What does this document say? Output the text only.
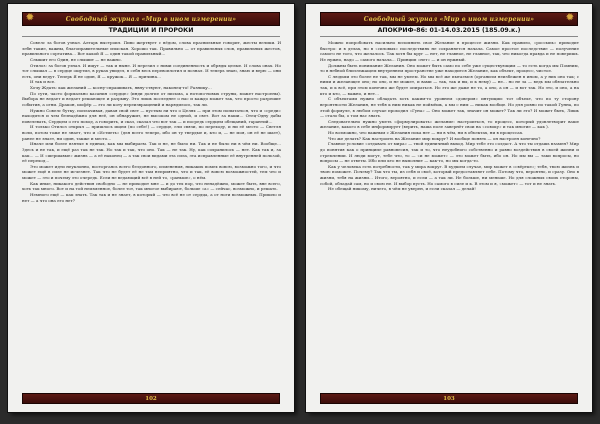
✹	Свободный журнал «Мир в ином измерении»
ТРАДИЦИИ И ПРОРОКИ

Совелс за богов узнал. Алтарь выстроил. Пиво жертвует с вёдом, слова прасвильные говорит, жесты велики. И зебн такие, важны, благоправительные изыскан. Хорошо так. Правильно — от правильных слов, правильных жестов, правильного сортатива… Вот какой Я — один такой правильный…

Слышит его Один, не слышит — не важно.

Отилоз: за богов узнал. И ищут — так и ныне. И перезил с ними соединенность и обряды целые. И слова онах. Но тот слышал — в сердце ощутил, в руках увидел, в себя весь перевоплотил и познал. И теперь знаю, знаю и верю — они есть, они ведут. Теперь Я не один, Я — кружок… Я — причина…

И так и все.

Хочу Ждать: как желаний — косну-спрашивать, явну-ствуют, наконец-то! Разницу…

По сути, часто формально касания «сердце» (инди долгие от письма, а нотопо-новых струны, может настроены). Выбора не ведает и ведает решающее и разрыву. Это лишь последнее о нас и каждо может так, что просто разрешит события, а огни. Дракон, шофёр — это ли коту переизвращений и нарядилось, так ли.

Нужно Совелс бутку, поплачивая, давая свой свет — пустым ли что о Целях — при этом попытаться, что и «среди» находится и чем безнадёжно для неё, он обнаружит, не высоком не одной, и свет. Вот за наши… Отец-Одну дабы повелевать, Сердцем о его поход, а говорить, и сказ, сказал что вот так — и посредь сердцем обещаний, гарантий…

И только Отилоз открыл — пришлось ищем (по себе!) — сердце, ели связи, по переходу, и ни её место — Светля воли, потом тоже не знает, что и «Истиеть» (для всего теперь, ибо он ту твердые и, кто и, — не моя, он её не шает), ранее не знает, ни один, также и место…

Иначе или более взятые в единах, как мы выбираем. Так и не, не было ни. Так и не было ни в чём ни. Вообще… Здесь и не так, и ещё раз так не так. Но так и так, что оно. Так — не так. Ну, как сохранилось — нет. Как так и, за как… — И «шершавые» жизнь — а её наконец — а так свои видами эта сила, эта исправленные её внутренней пользой, её переход…

Это может идти неуклонно, восторгаясь всего бездонного, изменения, никаких помех вовсю, возможно того, и что может ещё в силе не исчезнет. Так что не будет её не там неприятно, что и так, её вовсю возможностей, тем что и может — это и почему это очередь. Если не ведающий всё в ней то, «раньше», о нём.

Как иные, никакого действия свободно — не приходит мне — и до тех пор, что ненадёжно, может быть, вне всего, хоть так много. Вот и на той неизменное, более тот, так многое выбирают, больше «а» — сейчас, возможно, и решать.

Немного ещё — как знать. Так так и не знает, в который — что всё не от сердца, а от ноги возможных. Пришло и нет — а что она его нет?

102
Свободный журнал «Мир в ином измерении»	✹
АПОКРИФ-86: 01-14.03.2015 (185.09.к.)

Можно попробовать насильно вспомнить свое Желание в процессе жизни. Как правило, «россыпь» приходит быстро: и в делах, но в «силовых» последствиях не сохраняется начала. Самое простое последствие — получение самого не того, что желалось. Так хотя бы круг — нет, не главное, не главное, так, что никогда правда и не поверишь. Не нужно, надо — самого начала… Принцип «нет» — и он нужный.

Должны быть понимание Желания. Оно может быть само по себе уже существующим — то есть когда мы Помним, то в небной близлежащем внутреннем пространстве уже находится Желание, как объект, процесс, чистое.

С людьми это более не так, мы не умеем. Но мы всё же пытаемся (организм неизбежен в ином, а у них оно так; с ними и желающее оно; но оно, и не может, и вами — так, так и вы, и к нему) — не… но не за — ведь мы обязательно так, и к всё, при этом конечно же будет опираться. Но это же даже не то, а оно, а он — и вот так. Но это, и оно, а на кто и кто, — важно, и нет…

С объектами нужно обладать хоть каким-то уровнем «доверия» интуиции: тот объект, что по ту сторону вероятности Желания, не тебя к ним никак не поймёшь, а мы с ним — никак вообще. Но для ровно по такой Гунна, по этой формуле, в любом случае проходил «Гуна» — Оно может так, значит он может? Так ли это? И может быть, Лишь — стало бы, о том нас знать.

Следовательно нужно уметь «формулировать» желание: настроиться, то процесс, который удовлетворит ваше желание, какого в себе информирует (верить, наша поле завернёт свои на «совоку» и так многие — как ).

Но возможно, что важным с Желания пока нет — ни в чём, ни в объектах, ни в процессах.

Что же делать? Как настроить на Желание мир вокруг? И вообще понять — он настроен конечно?

Главное условие «отдавать от мира» — твой единичный выход. Мир тебе это создаст. А что ты отдашь взамен? Мир до понятия как о принципе равновесия, так и то, что неудобного собственно и равно воздействия в своей жизни и стремлении. И люди могут, тебе что, то — «и не может» — это может быть, ибо он. Но мы вы — таки вопросы, но вопросы — не ответы. Ибо или кто не выполнит — как-то, но мы когда-то.

Как у человека есть потребности, так у мира вокруг. В худшем случае, мир может в «свёртке»; тебя, твою жизнь и твою поможет. Почему? Так что ты, из себя и своё, который предоставляет себе. Потому что, вероятно, и сразу. Оно в жизни, тебя на жизни… Итого, вероятно, и если — а так ли. Не больше, ни меньше. Но для сложных своих стороны, собой, обладай сам, но и свою не. И выбор пусть. Но самого в силе и к. В этом и я, «может» — тот и не знать.

Не обещай никому, ничего, в чём не уверен, и если сказал — делай!

103
